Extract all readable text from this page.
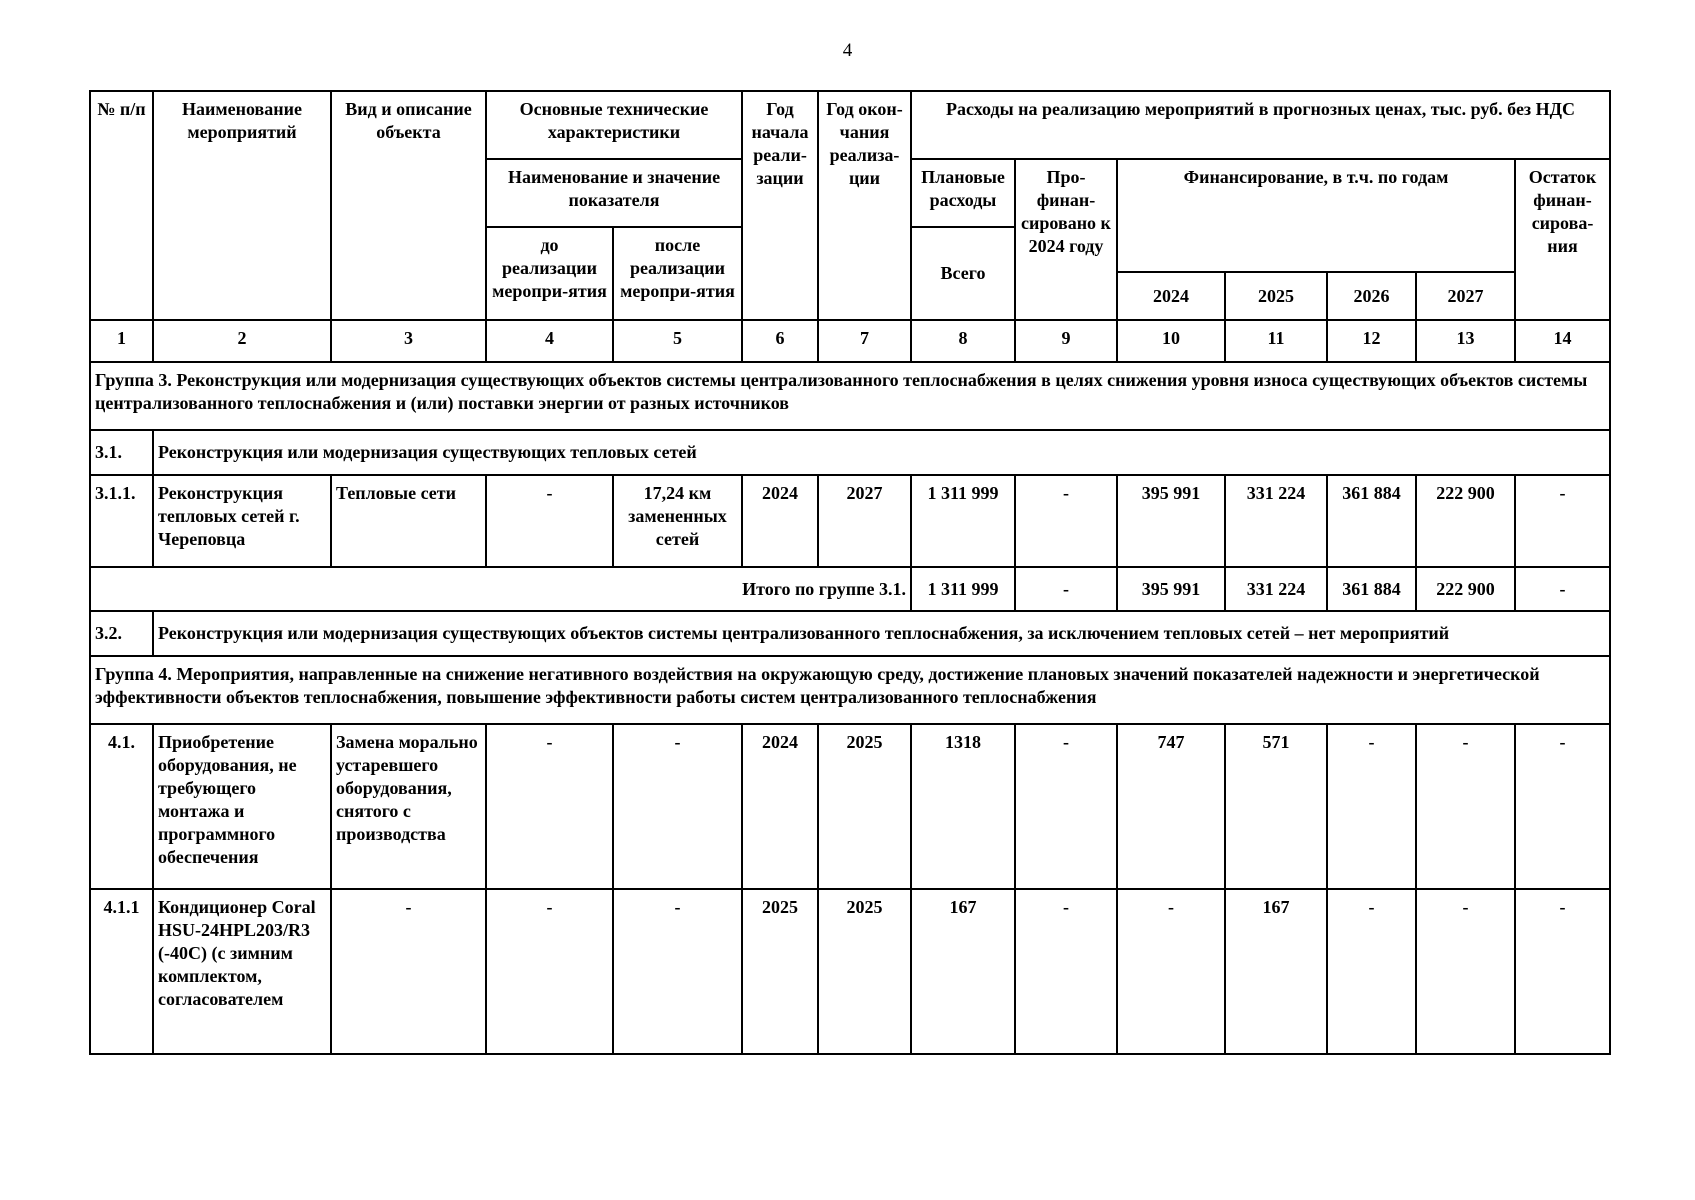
4
№ п/п	Наименование мероприятий	Вид и описание объекта	Основные технические характеристики		Год начала реали-зации	Год окон-чания реализа-ции	Расходы на реализацию мероприятий в прогнозных ценах, тыс. руб. без НДС						
			Наименование и значение показателя				Плановые расходы	Про-финан-сировано к 2024 году	Финансирование, в т.ч. по годам				Остаток финан-сирова-ния
			до реализации меропри-ятия	после реализации меропри-ятия			Всего						
									2024	2025	2026	2027	
1	2	3	4	5	6	7	8	9	10	11	12	13	14
Группа 3. Реконструкция или модернизация существующих объектов системы централизованного теплоснабжения в целях снижения уровня износа существующих объектов системы централизованного теплоснабжения и (или) поставки энергии от разных источников													
3.1.	Реконструкция или модернизация существующих тепловых сетей												
3.1.1.	Реконструкция тепловых сетей г. Череповца	Тепловые сети	-	17,24 км замененных сетей	2024	2027	1 311 999	-	395 991	331 224	361 884	222 900	-
Итого по группе 3.1.							1 311 999	-	395 991	331 224	361 884	222 900	-
3.2.	Реконструкция или модернизация существующих объектов системы централизованного теплоснабжения, за исключением тепловых сетей – нет мероприятий												
Группа 4. Мероприятия, направленные на снижение негативного воздействия на окружающую среду, достижение плановых значений показателей надежности и энергетической эффективности объектов теплоснабжения, повышение эффективности работы систем централизованного теплоснабжения													
4.1.	Приобретение оборудования, не требующего монтажа и программного обеспечения	Замена морально устаревшего оборудования, снятого с производства	-	-	2024	2025	1318	-	747	571	-	-	-
4.1.1	Кондиционер Coral HSU-24HPL203/R3 (-40С) (с зимним комплектом, согласователем	-	-	-	2025	2025	167	-	-	167	-	-	-
